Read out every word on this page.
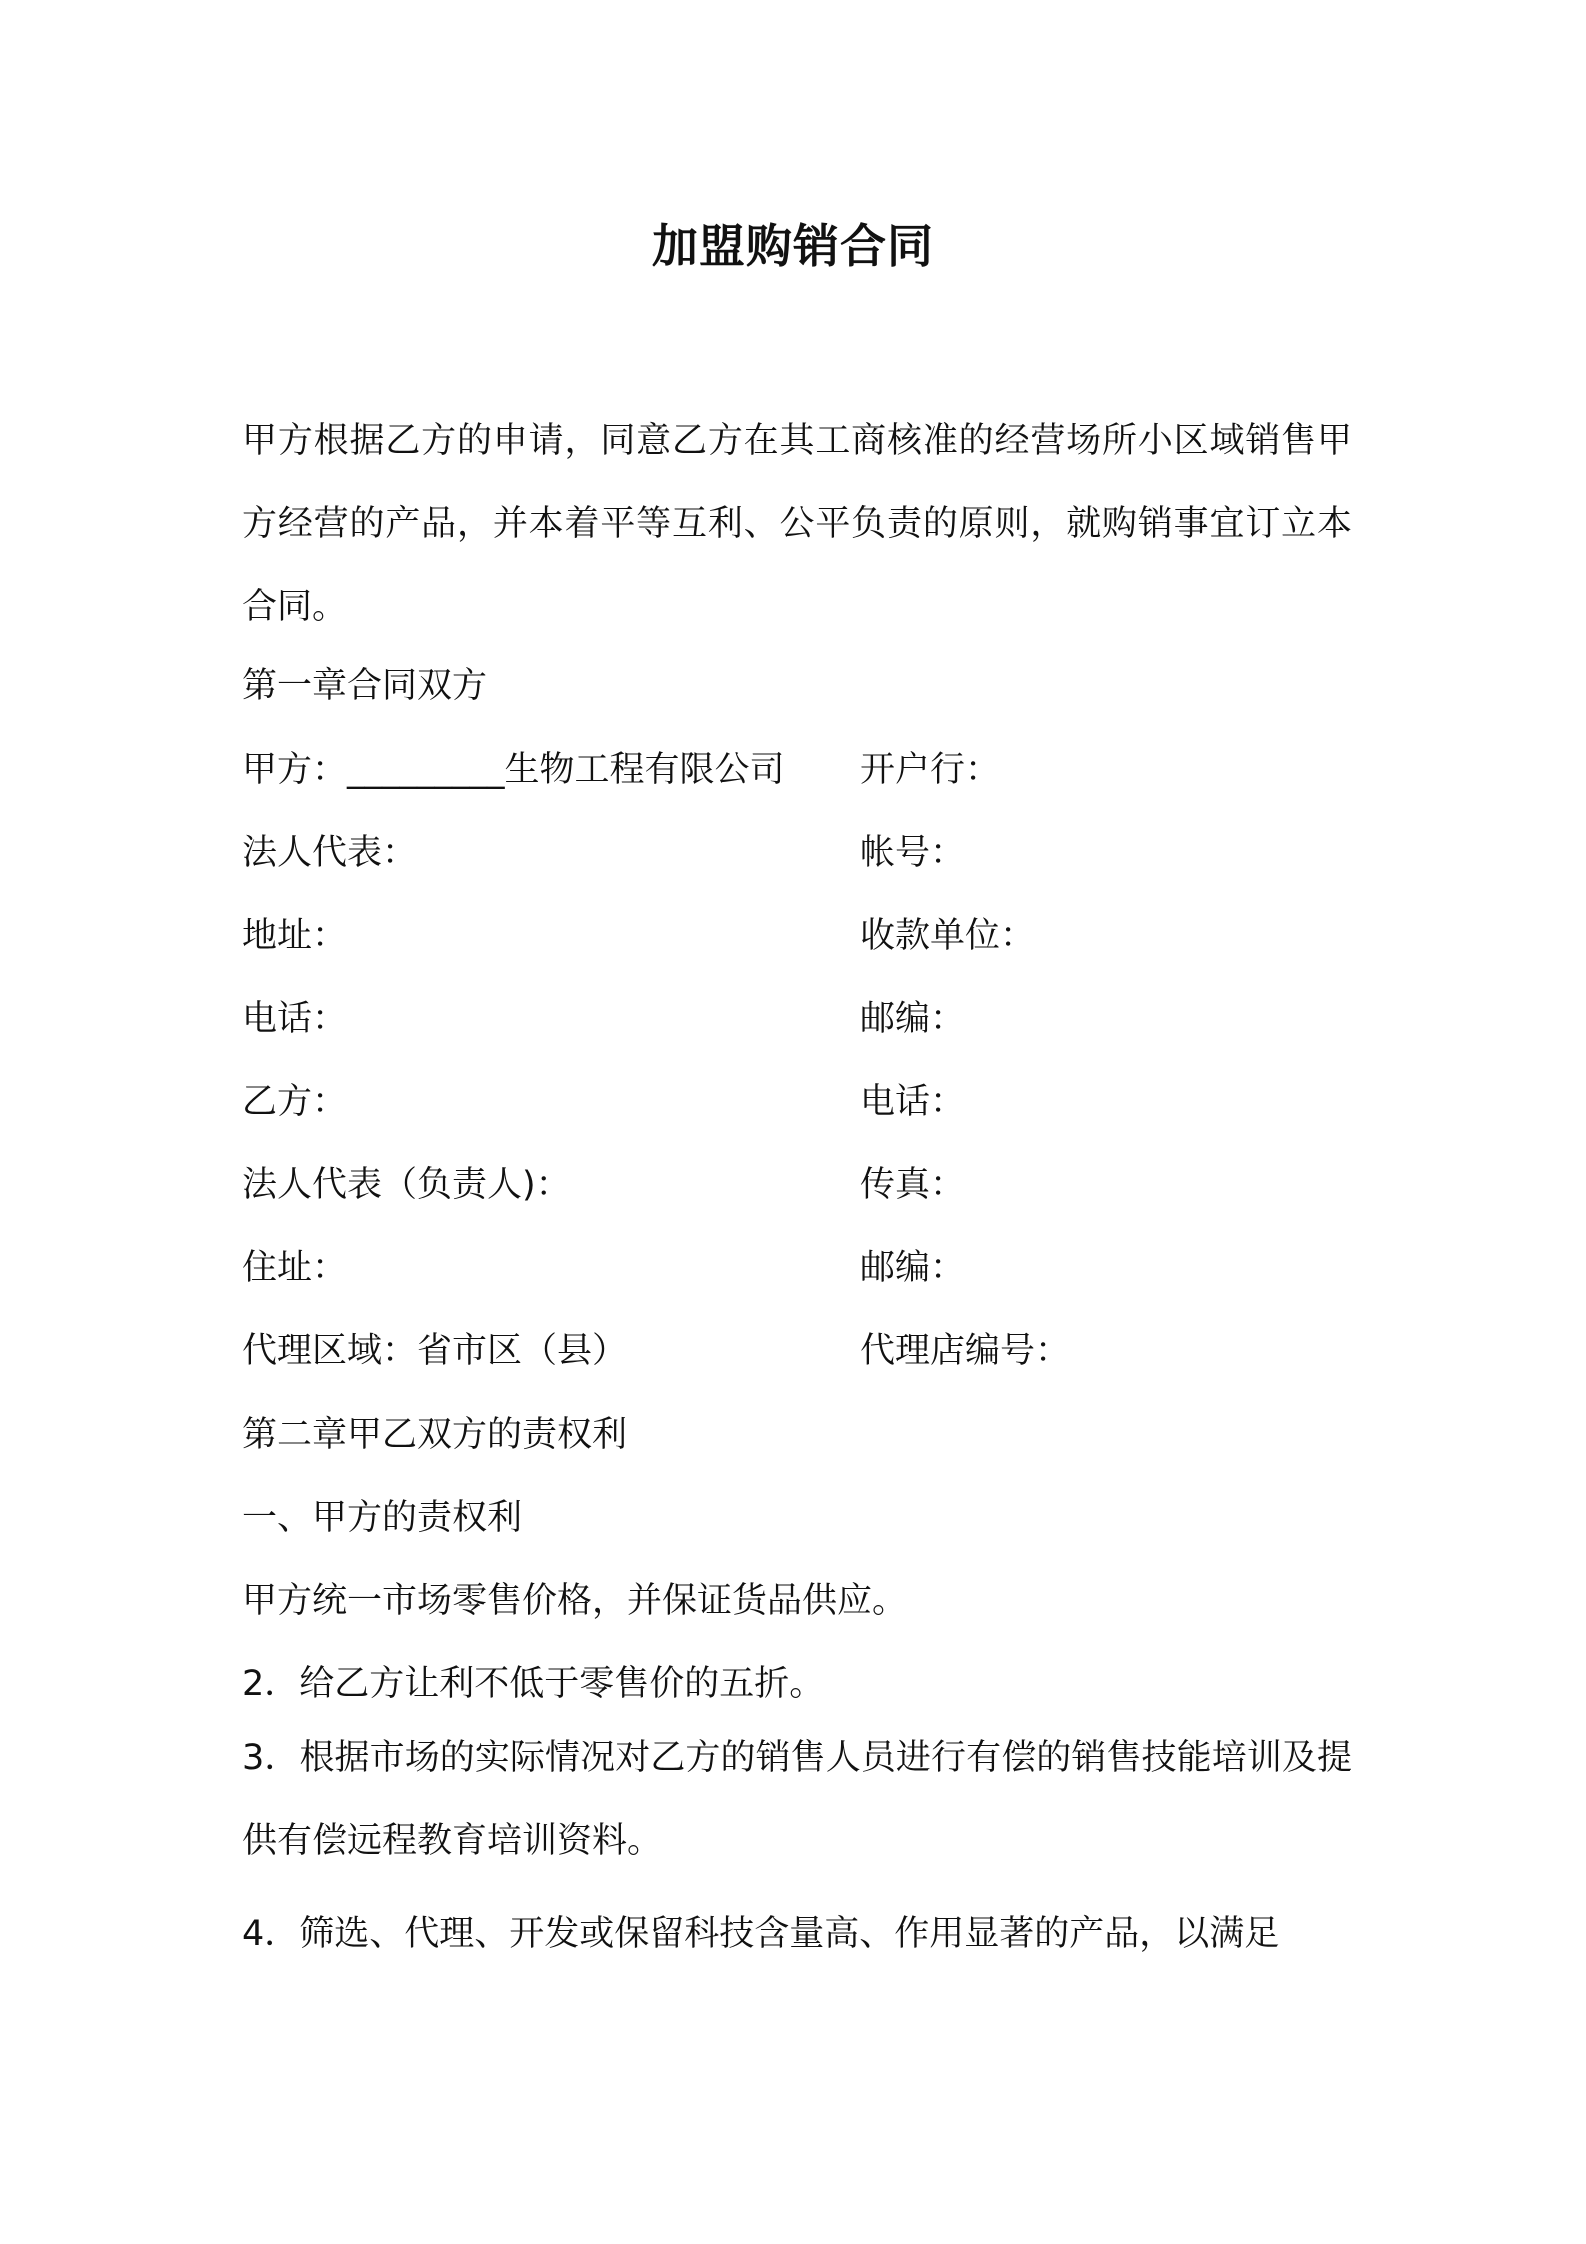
加盟购销合同
甲方根据乙方的申请，同意乙方在其工商核准的经营场所小区域销售甲方经营的产品，并本着平等互利、公平负责的原则，就购销事宜订立本合同。
第一章合同双方
甲方：_________生物工程有限公司 开户行：
法人代表：	帐号：
地址：	收款单位：
电话：	邮编：
乙方：	电话：
法人代表（负责人)：	传真：
住址：	邮编：
代理区域：省市区（县）	代理店编号：
第二章甲乙双方的责权利
一、甲方的责权利
甲方统一市场零售价格，并保证货品供应。
2．给乙方让利不低于零售价的五折。
3．根据市场的实际情况对乙方的销售人员进行有偿的销售技能培训及提供有偿远程教育培训资料。
4．筛选、代理、开发或保留科技含量高、作用显著的产品，以满足
